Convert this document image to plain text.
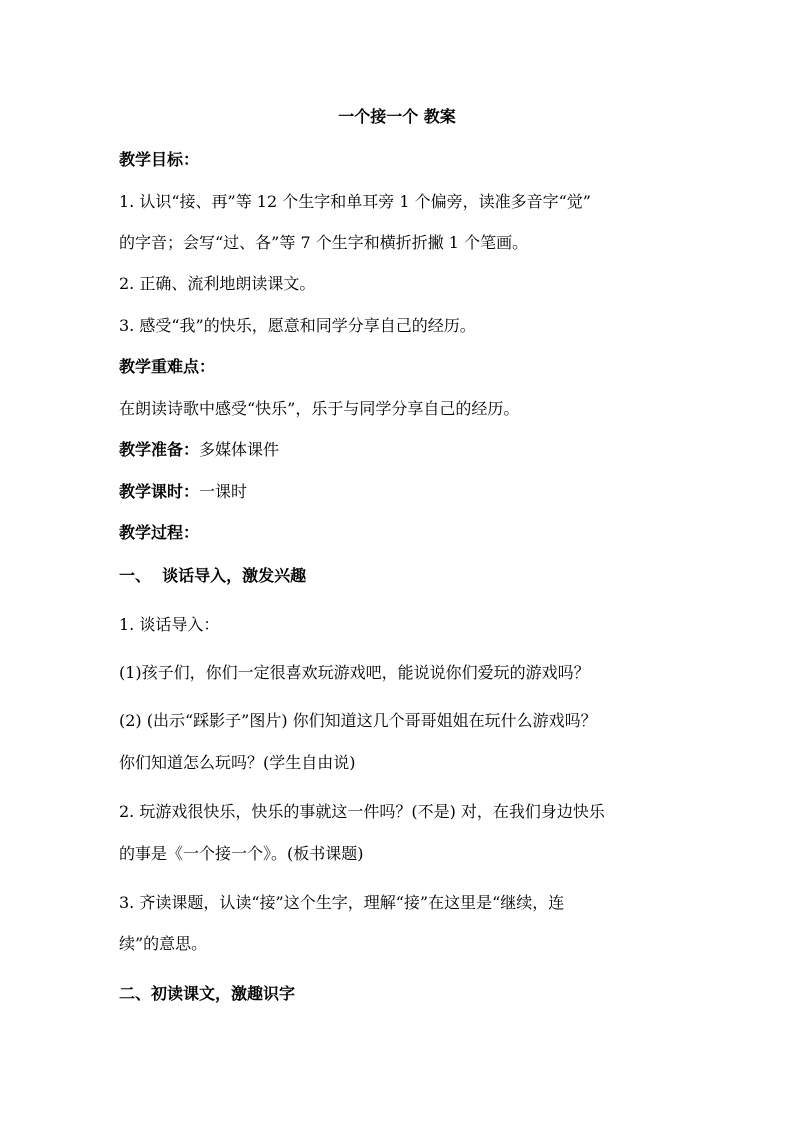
一个接一个 教案
教学目标：
1. 认识“接、再”等 12 个生字和单耳旁 1 个偏旁，读准多音字“觉”
的字音；会写“过、各”等 7 个生字和横折折撇 1 个笔画。
2. 正确、流利地朗读课文。
3. 感受“我”的快乐，愿意和同学分享自己的经历。
教学重难点：
在朗读诗歌中感受“快乐”，乐于与同学分享自己的经历。
教学准备：多媒体课件
教学课时：一课时
教学过程：
一、  谈话导入，激发兴趣
1. 谈话导入：
(1)孩子们，你们一定很喜欢玩游戏吧，能说说你们爱玩的游戏吗？
(2) (出示“踩影子”图片) 你们知道这几个哥哥姐姐在玩什么游戏吗？
你们知道怎么玩吗？(学生自由说)
2. 玩游戏很快乐，快乐的事就这一件吗？(不是) 对，在我们身边快乐
的事是《一个接一个》。(板书课题)
3. 齐读课题，认读“接”这个生字，理解“接”在这里是“继续，连
续”的意思。
二、初读课文，激趣识字
